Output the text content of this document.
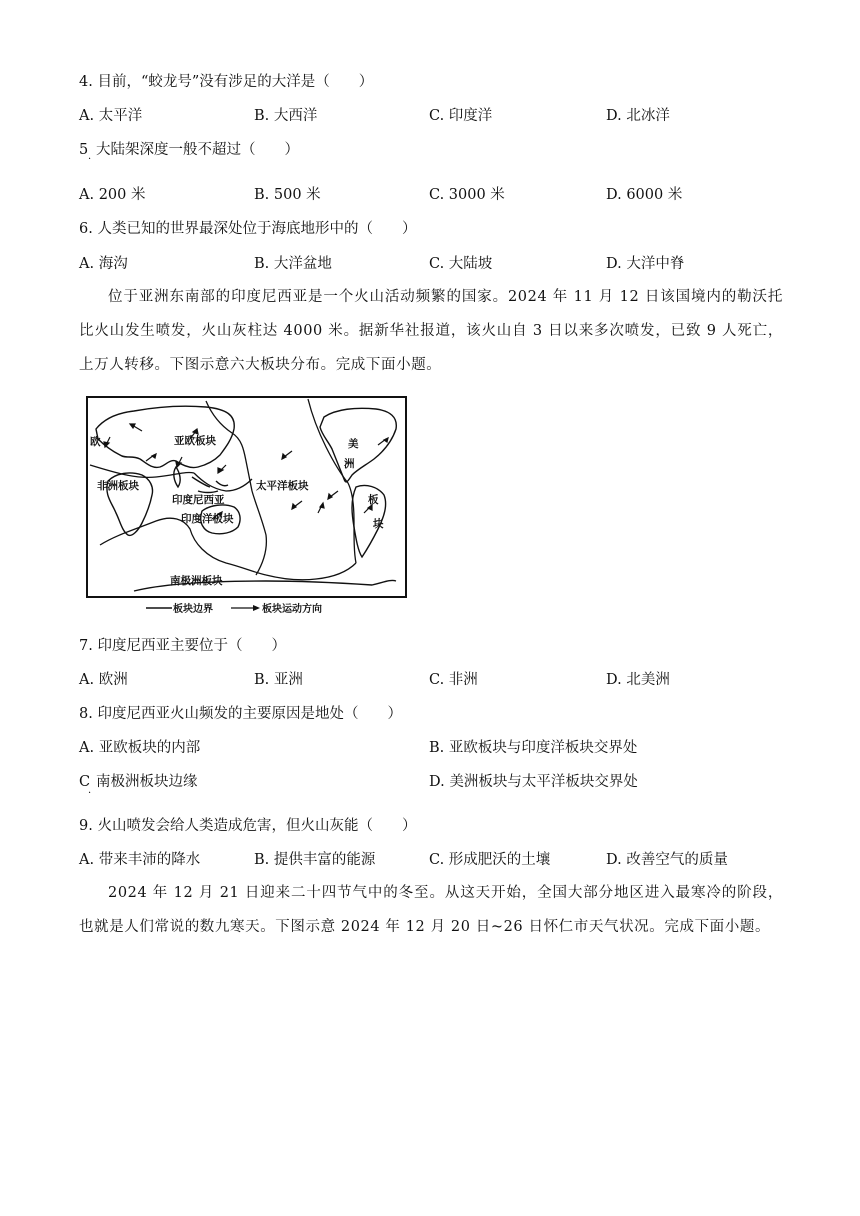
4. 目前，“蛟龙号”没有涉足的大洋是（　　）
A. 太平洋	B. 大西洋	C. 印度洋	D. 北冰洋
5
·
大陆架深度一般不超过（　　）
A. 200 米	B. 500 米	C. 3000 米	D. 6000 米
6. 人类已知的世界最深处位于海底地形中的（　　）
A. 海沟	B. 大洋盆地	C. 大陆坡	D. 大洋中脊
位于亚洲东南部的印度尼西亚是一个火山活动频繁的国家。2024 年 11 月 12 日该国境内的勒沃托比火山发生喷发，火山灰柱达 4000 米。据新华社报道，该火山自 3 日以来多次喷发，已致 9 人死亡，上万人转移。下图示意六大板块分布。完成下面小题。
亚欧板块
欧
非洲板块
印度尼西亚
印度洋板块
太平洋板块
美
洲
板
块
南极洲板块
板块边界	板块运动方向
7. 印度尼西亚主要位于（　　）
A. 欧洲	B. 亚洲	C. 非洲	D. 北美洲
8. 印度尼西亚火山频发的主要原因是地处（　　）
A. 亚欧板块的内部	B. 亚欧板块与印度洋板块交界处
C
·
南极洲板块边缘	D. 美洲板块与太平洋板块交界处
9. 火山喷发会给人类造成危害，但火山灰能（　　）
A. 带来丰沛的降水	B. 提供丰富的能源	C. 形成肥沃的土壤	D. 改善空气的质量
2024 年 12 月 21 日迎来二十四节气中的冬至。从这天开始，全国大部分地区进入最寒冷的阶段，也就是人们常说的数九寒天。下图示意 2024 年 12 月 20 日~26 日怀仁市天气状况。完成下面小题。
